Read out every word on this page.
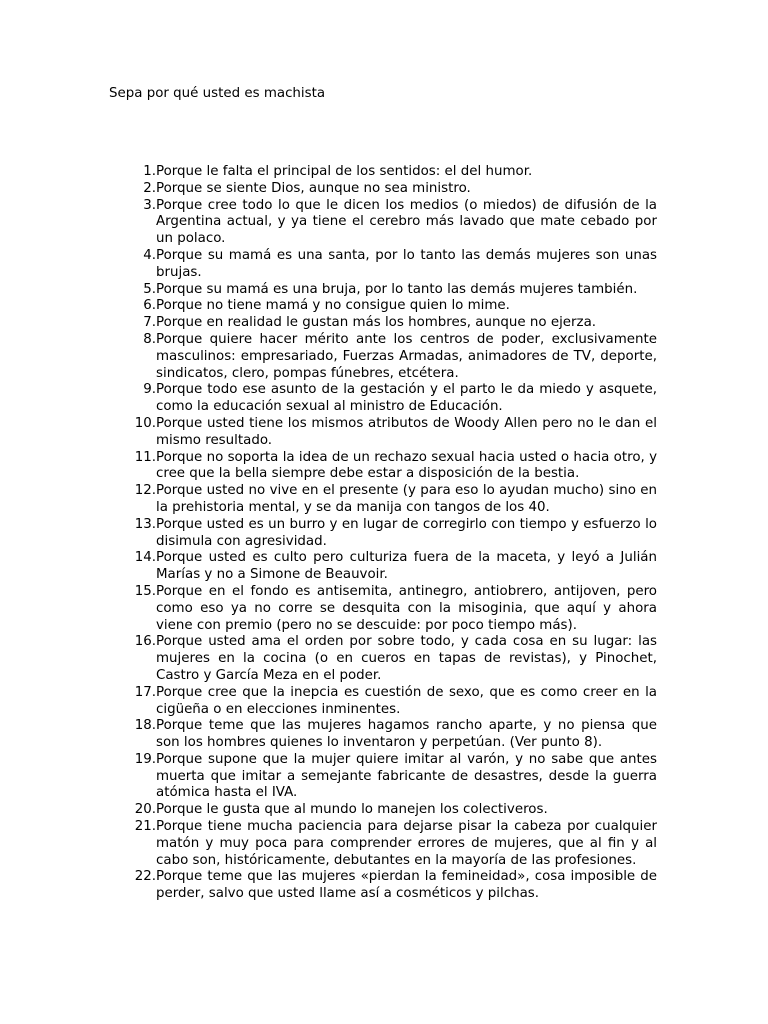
Sepa por qué usted es machista
1. Porque le falta el principal de los sentidos: el del humor.
2. Porque se siente Dios, aunque no sea ministro.
3. Porque cree todo lo que le dicen los medios (o miedos) de difusión de la Argentina actual, y ya tiene el cerebro más lavado que mate cebado por un polaco.
4. Porque su mamá es una santa, por lo tanto las demás mujeres son unas brujas.
5. Porque su mamá es una bruja, por lo tanto las demás mujeres también.
6. Porque no tiene mamá y no consigue quien lo mime.
7. Porque en realidad le gustan más los hombres, aunque no ejerza.
8. Porque quiere hacer mérito ante los centros de poder, exclusivamente masculinos: empresariado, Fuerzas Armadas, animadores de TV, deporte, sindicatos, clero, pompas fúnebres, etcétera.
9. Porque todo ese asunto de la gestación y el parto le da miedo y asquete, como la educación sexual al ministro de Educación.
10. Porque usted tiene los mismos atributos de Woody Allen pero no le dan el mismo resultado.
11. Porque no soporta la idea de un rechazo sexual hacia usted o hacia otro, y cree que la bella siempre debe estar a disposición de la bestia.
12. Porque usted no vive en el presente (y para eso lo ayudan mucho) sino en la prehistoria mental, y se da manija con tangos de los 40.
13. Porque usted es un burro y en lugar de corregirlo con tiempo y esfuerzo lo disimula con agresividad.
14. Porque usted es culto pero culturiza fuera de la maceta, y leyó a Julián Marías y no a Simone de Beauvoir.
15. Porque en el fondo es antisemita, antinegro, antiobrero, antijoven, pero como eso ya no corre se desquita con la misoginia, que aquí y ahora viene con premio (pero no se descuide: por poco tiempo más).
16. Porque usted ama el orden por sobre todo, y cada cosa en su lugar: las mujeres en la cocina (o en cueros en tapas de revistas), y Pinochet, Castro y García Meza en el poder.
17. Porque cree que la inepcia es cuestión de sexo, que es como creer en la cigüeña o en elecciones inminentes.
18. Porque teme que las mujeres hagamos rancho aparte, y no piensa que son los hombres quienes lo inventaron y perpetúan. (Ver punto 8).
19. Porque supone que la mujer quiere imitar al varón, y no sabe que antes muerta que imitar a semejante fabricante de desastres, desde la guerra atómica hasta el IVA.
20. Porque le gusta que al mundo lo manejen los colectiveros.
21. Porque tiene mucha paciencia para dejarse pisar la cabeza por cualquier matón y muy poca para comprender errores de mujeres, que al fin y al cabo son, históricamente, debutantes en la mayoría de las profesiones.
22. Porque teme que las mujeres «pierdan la femineidad», cosa imposible de perder, salvo que usted llame así a cosméticos y pilchas.
